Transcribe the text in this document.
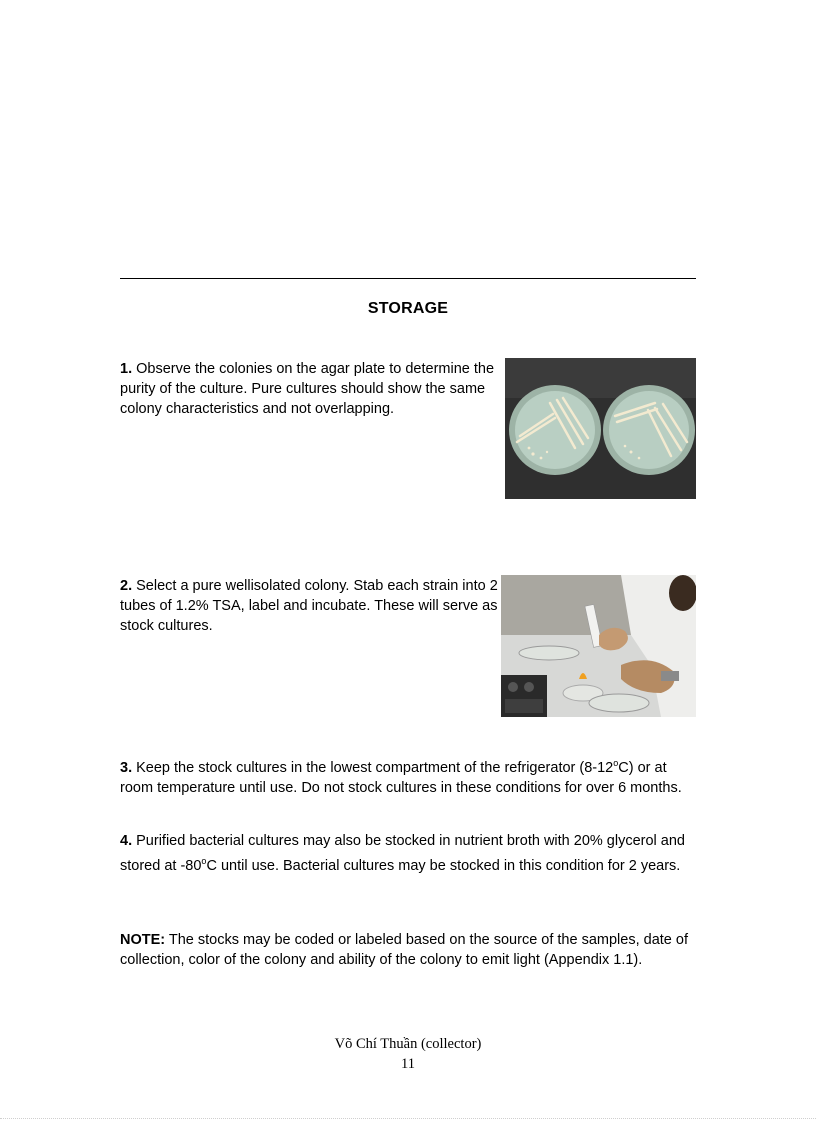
STORAGE
1. Observe the colonies on the agar plate to determine the purity of the culture. Pure cultures should show the same colony characteristics and not overlapping.
2. Select a pure wellisolated colony. Stab each strain into 2 tubes of 1.2% TSA, label and incubate. These will serve as stock cultures.
3. Keep the stock cultures in the lowest compartment of the refrigerator (8-12$^o$C) or at room temperature until use. Do not stock cultures in these conditions for over 6 months.
4. Purified bacterial cultures may also be stocked in nutrient broth with 20% glycerol and stored at -80$^o$C until use. Bacterial cultures may be stocked in this condition for 2 years.
NOTE: The stocks may be coded or labeled based on the source of the samples, date of collection, color of the colony and ability of the colony to emit light (Appendix 1.1).
Võ Chí Thuần (collector)
11
